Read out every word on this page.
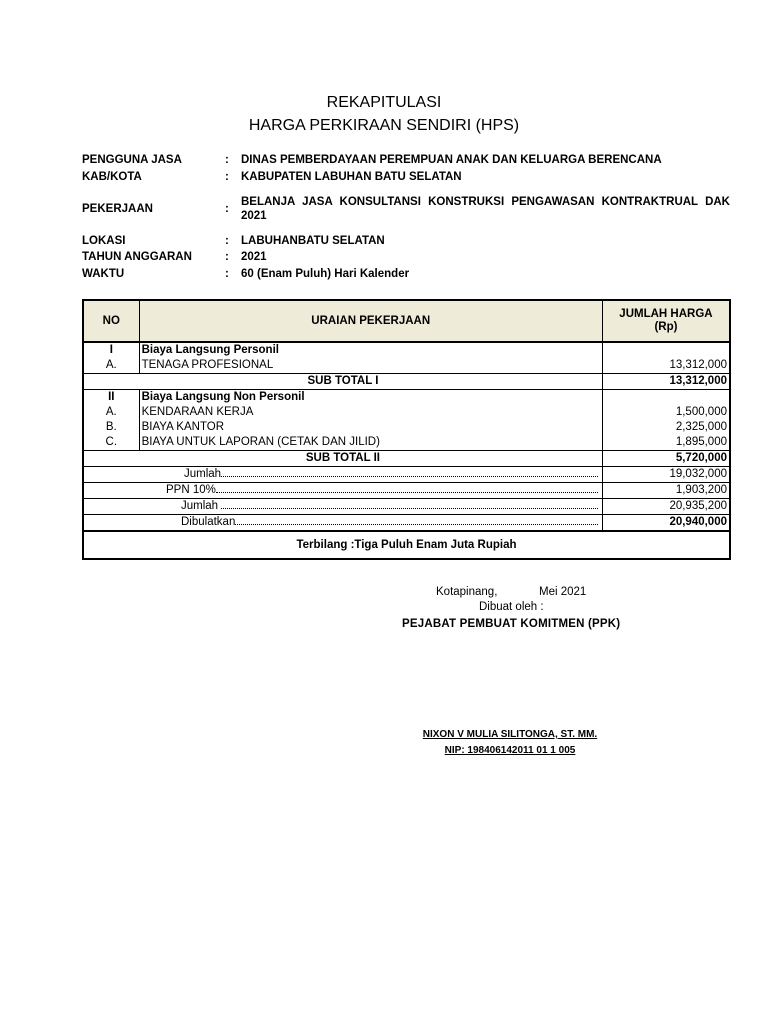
REKAPITULASI
HARGA PERKIRAAN SENDIRI (HPS)
PENGGUNA JASA	:	DINAS PEMBERDAYAAN PEREMPUAN ANAK DAN KELUARGA BERENCANA
KAB/KOTA	:	KABUPATEN LABUHAN BATU SELATAN
PEKERJAAN	:
BELANJA JASA KONSULTANSI KONSTRUKSI PENGAWASAN KONTRAKTRUAL DAK 2021
LOKASI	:	LABUHANBATU SELATAN
TAHUN ANGGARAN	:	2021
WAKTU	:	60 (Enam Puluh) Hari Kalender
NO	URAIAN PEKERJAAN	JUMLAH HARGA
(Rp)

I	Biaya Langsung Personil	
A.	TENAGA PROFESIONAL	13,312,000
SUB TOTAL I		13,312,000
II	Biaya Langsung Non Personil	
A.	KENDARAAN KERJA	1,500,000
B.	BIAYA KANTOR	2,325,000
C.	BIAYA UNTUK LAPORAN (CETAK DAN JILID)	1,895,000
SUB TOTAL II		5,720,000

Jumlah		19,032,000

PPN 10%		1,903,200

Jumlah		20,935,200

Dibulatkan		20,940,000
Terbilang :Tiga Puluh Enam Juta Rupiah		
Kotapinang,	Mei 2021
Dibuat oleh :
PEJABAT PEMBUAT KOMITMEN (PPK)
NIXON V MULIA SILITONGA, ST. MM.
NIP: 198406142011 01 1 005
